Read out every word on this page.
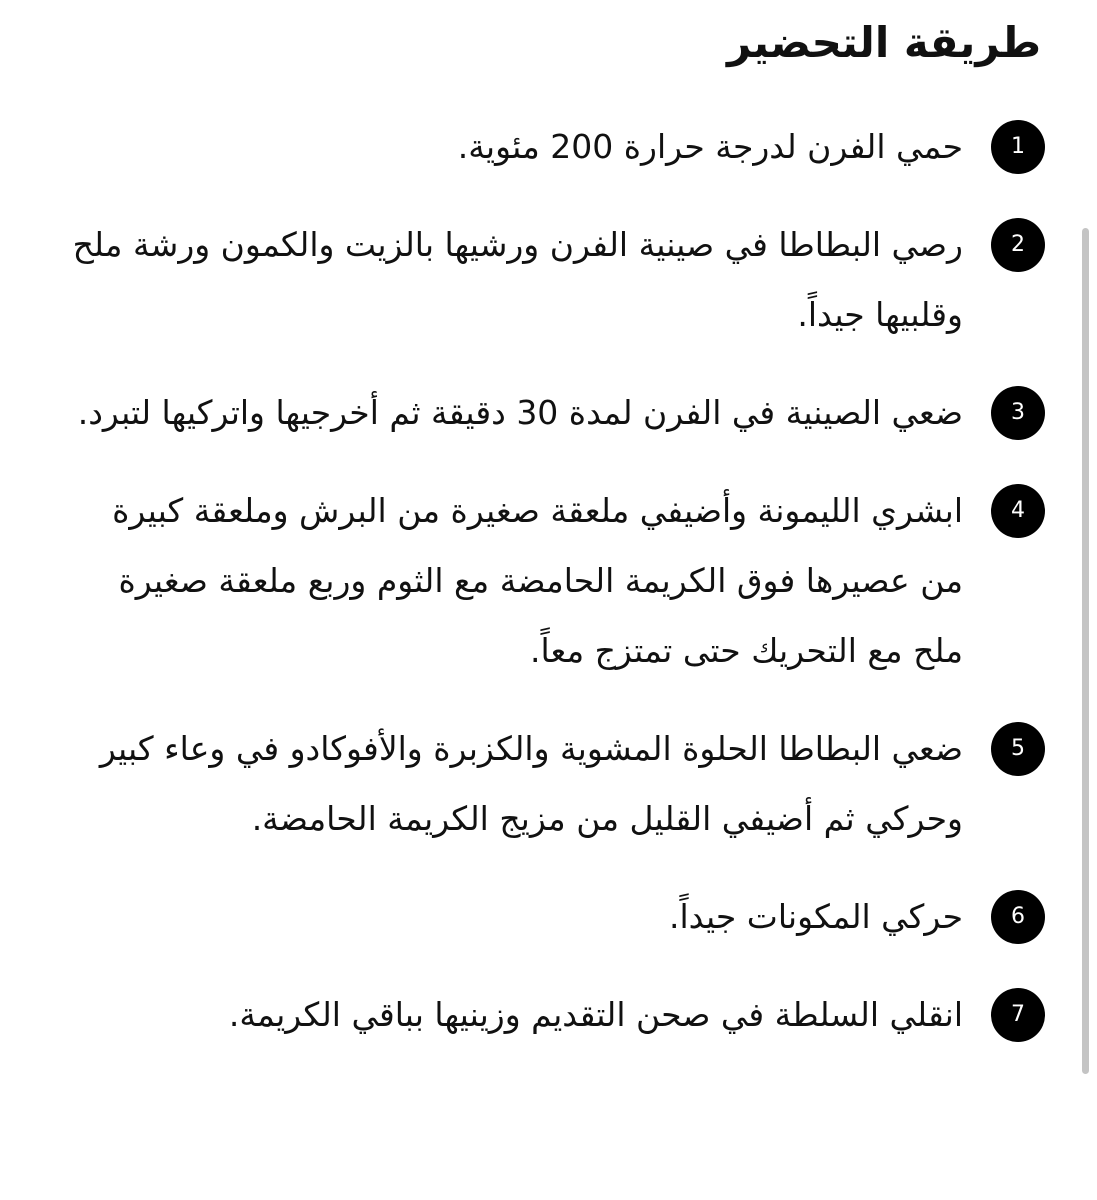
طريقة التحضير
1
حمي الفرن لدرجة حرارة 200 مئوية.
2
رصي البطاطا في صينية الفرن ورشيها بالزيت والكمون ورشة ملح وقلبيها جيداً.
3
ضعي الصينية في الفرن لمدة 30 دقيقة ثم أخرجيها واتركيها لتبرد.
4
ابشري الليمونة وأضيفي ملعقة صغيرة من البرش وملعقة كبيرة من عصيرها فوق الكريمة الحامضة مع الثوم وربع ملعقة صغيرة ملح مع التحريك حتى تمتزج معاً.
5
ضعي البطاطا الحلوة المشوية والكزبرة والأفوكادو في وعاء كبير وحركي ثم أضيفي القليل من مزيج الكريمة الحامضة.
6
حركي المكونات جيداً.
7
انقلي السلطة في صحن التقديم وزينيها بباقي الكريمة.
